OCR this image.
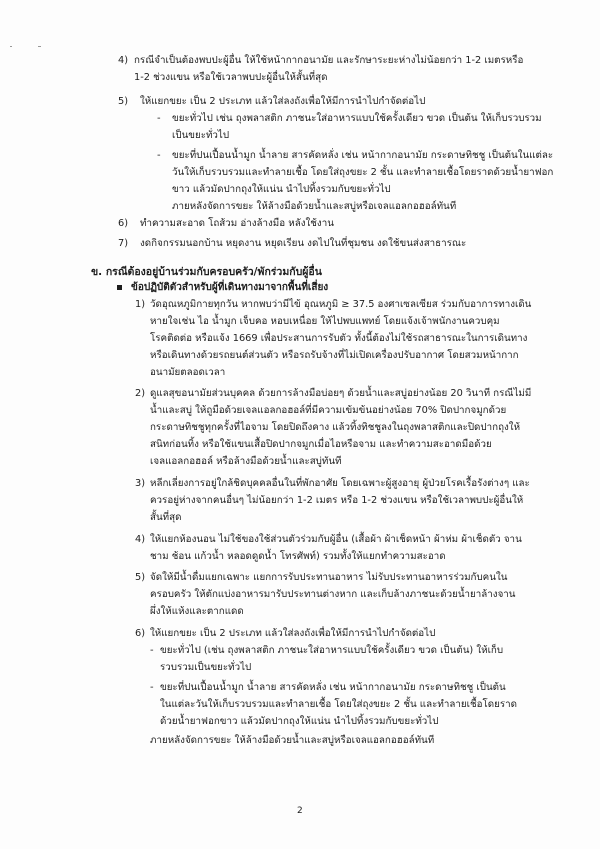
4) กรณีจำเป็นต้องพบปะผู้อื่น ให้ใช้หน้ากากอนามัย และรักษาระยะห่างไม่น้อยกว่า 1-2 เมตรหรือ
1-2 ช่วงแขน หรือใช้เวลาพบปะผู้อื่นให้สั้นที่สุด
5) ให้แยกขยะ เป็น 2 ประเภท แล้วใส่ลงถังเพื่อให้มีการนำไปกำจัดต่อไป
- ขยะทั่วไป เช่น ถุงพลาสติก ภาชนะใส่อาหารแบบใช้ครั้งเดียว ขวด เป็นต้น ให้เก็บรวบรวม
เป็นขยะทั่วไป
- ขยะที่ปนเปื้อนน้ำมูก น้ำลาย สารคัดหลั่ง เช่น หน้ากากอนามัย กระดาษทิชชู เป็นต้นในแต่ละ
วันให้เก็บรวบรวมและทำลายเชื้อ โดยใส่ถุงขยะ 2 ชั้น และทำลายเชื้อโดยราดด้วยน้ำยาฟอก
ขาว แล้วมัดปากถุงให้แน่น นำไปทิ้งรวมกับขยะทั่วไป
ภายหลังจัดการขยะ ให้ล้างมือด้วยน้ำและสบู่หรือเจลแอลกอฮอล์ทันที
6) ทำความสะอาด โถส้วม อ่างล้างมือ หลังใช้งาน
7) งดกิจกรรมนอกบ้าน หยุดงาน หยุดเรียน งดไปในที่ชุมชน งดใช้ขนส่งสาธารณะ
ข. กรณีต้องอยู่บ้านร่วมกับครอบครัว/พักร่วมกับผู้อื่น
ข้อปฏิบัติตัวสำหรับผู้ที่เดินทางมาจากพื้นที่เสี่ยง
1) วัดอุณหภูมิกายทุกวัน หากพบว่ามีไข้ อุณหภูมิ ≥ 37.5 องศาเซลเซียส ร่วมกับอาการทางเดิน
หายใจเช่น ไอ น้ำมูก เจ็บคอ หอบเหนื่อย ให้ไปพบแพทย์ โดยแจ้งเจ้าพนักงานควบคุม
โรคติดต่อ หรือแจ้ง 1669 เพื่อประสานการรับตัว ทั้งนี้ต้องไม่ใช้รถสาธารณะในการเดินทาง
หรือเดินทางด้วยรถยนต์ส่วนตัว หรือรถรับจ้างที่ไม่เปิดเครื่องปรับอากาศ โดยสวมหน้ากาก
อนามัยตลอดเวลา
2) ดูแลสุขอนามัยส่วนบุคคล ด้วยการล้างมือบ่อยๆ ด้วยน้ำและสบู่อย่างน้อย 20 วินาที กรณีไม่มี
น้ำและสบู่ ให้ถูมือด้วยเจลแอลกอฮอล์ที่มีความเข้มข้นอย่างน้อย 70% ปิดปากจมูกด้วย
กระดาษทิชชูทุกครั้งที่ไอจาม โดยปิดถึงคาง แล้วทิ้งทิชชูลงในถุงพลาสติกและปิดปากถุงให้
สนิทก่อนทิ้ง หรือใช้แขนเสื้อปิดปากจมูกเมื่อไอหรือจาม และทำความสะอาดมือด้วย
เจลแอลกอฮอล์ หรือล้างมือด้วยน้ำและสบู่ทันที
3) หลีกเลี่ยงการอยู่ใกล้ชิดบุคคลอื่นในที่พักอาศัย โดยเฉพาะผู้สูงอายุ ผู้ป่วยโรคเรื้อรังต่างๆ และ
ควรอยู่ห่างจากคนอื่นๆ ไม่น้อยกว่า 1-2 เมตร หรือ 1-2 ช่วงแขน หรือใช้เวลาพบปะผู้อื่นให้
สั้นที่สุด
4) ให้แยกห้องนอน ไม่ใช้ของใช้ส่วนตัวร่วมกับผู้อื่น (เสื้อผ้า ผ้าเช็ดหน้า ผ้าห่ม ผ้าเช็ดตัว จาน
ชาม ช้อน แก้วน้ำ หลอดดูดน้ำ โทรศัพท์) รวมทั้งให้แยกทำความสะอาด
5) จัดให้มีน้ำดื่มแยกเฉพาะ แยกการรับประทานอาหาร ไม่รับประทานอาหารร่วมกับคนใน
ครอบครัว ให้ตักแบ่งอาหารมารับประทานต่างหาก และเก็บล้างภาชนะด้วยน้ำยาล้างจาน
ผึ่งให้แห้งและตากแดด
6) ให้แยกขยะ เป็น 2 ประเภท แล้วใส่ลงถังเพื่อให้มีการนำไปกำจัดต่อไป
- ขยะทั่วไป (เช่น ถุงพลาสติก ภาชนะใส่อาหารแบบใช้ครั้งเดียว ขวด เป็นต้น) ให้เก็บ
รวบรวมเป็นขยะทั่วไป
- ขยะที่ปนเปื้อนน้ำมูก น้ำลาย สารคัดหลั่ง เช่น หน้ากากอนามัย กระดาษทิชชู เป็นต้น
ในแต่ละวันให้เก็บรวบรวมและทำลายเชื้อ โดยใส่ถุงขยะ 2 ชั้น และทำลายเชื้อโดยราด
ด้วยน้ำยาฟอกขาว แล้วมัดปากถุงให้แน่น นำไปทิ้งรวมกับขยะทั่วไป
ภายหลังจัดการขยะ ให้ล้างมือด้วยน้ำและสบู่หรือเจลแอลกอฮอล์ทันที
2
